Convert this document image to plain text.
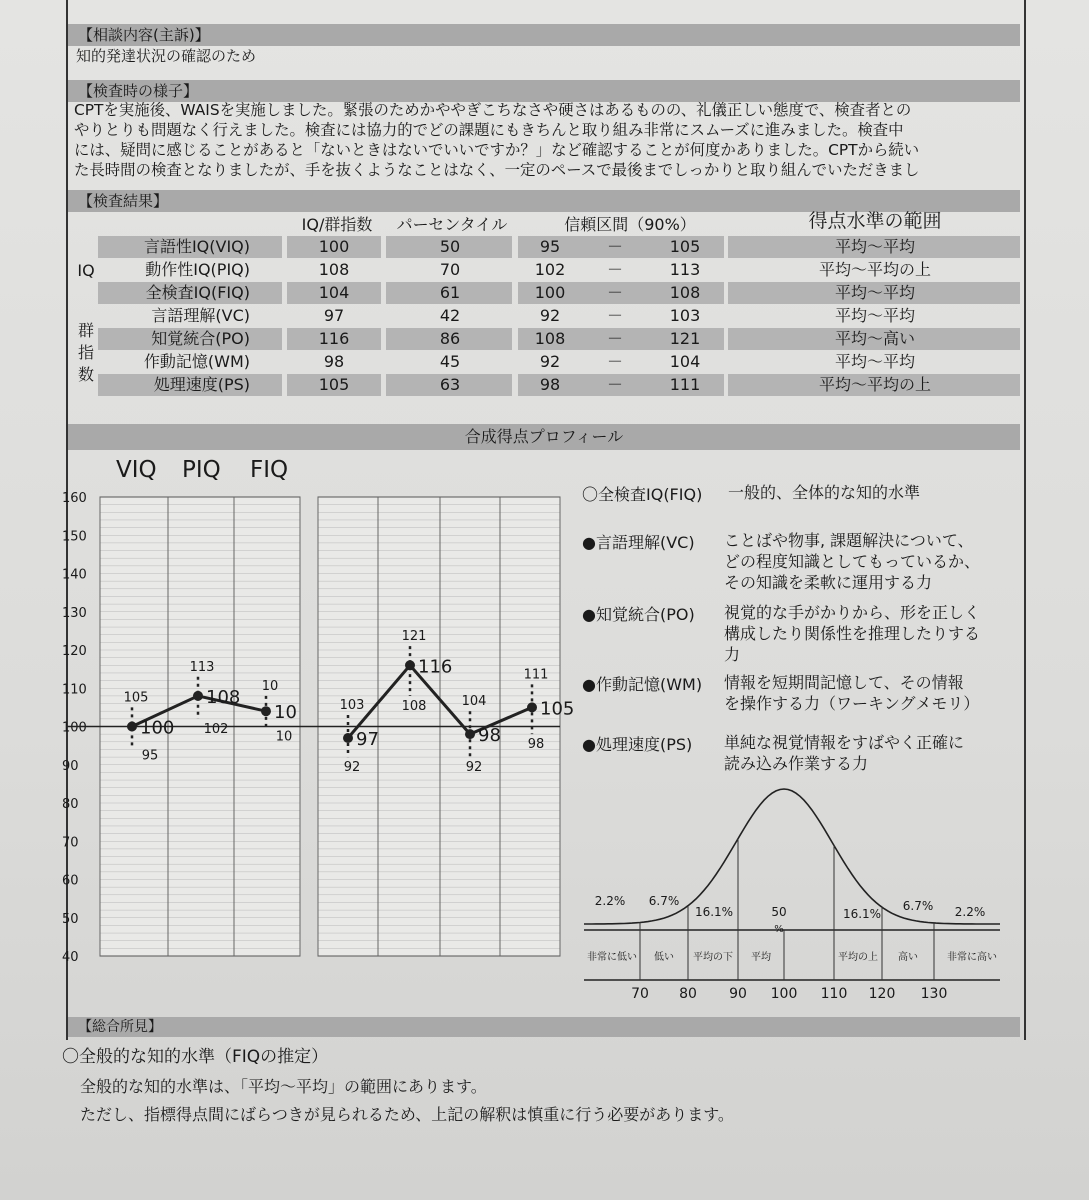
【相談内容(主訴)】
知的発達状況の確認のため
【検査時の様子】
CPTを実施後、WAISを実施しました。緊張のためかややぎこちなさや硬さはあるものの、礼儀正しい態度で、検査者との
やりとりも問題なく行えました。検査には協力的でどの課題にもきちんと取り組み非常にスムーズに進みました。検査中
には、疑問に感じることがあると「ないときはないでいいですか？」など確認することが何度かありました。CPTから続い
た長時間の検査となりましたが、手を抜くようなことはなく、一定のペースで最後までしっかりと取り組んでいただきまし
【検査結果】
IQ/群指数	パーセンタイル	信頼区間（90%）	得点水準の範囲
IQ
群
指
数
言語性IQ(VIQ)	100	50	95	－	105	平均～平均
動作性IQ(PIQ)	108	70	102	－	113	平均～平均の上
全検査IQ(FIQ)	104	61	100	－	108	平均～平均
言語理解(VC)	97	42	92	－	103	平均～平均
知覚統合(PO)	116	86	108	－	121	平均～高い
作動記憶(WM)	98	45	92	－	104	平均～平均
処理速度(PS)	105	63	98	－	111	平均～平均の上
合成得点プロフィール
VIQ PIQ FIQ
160
150
140
130
120
110
100
90
80
70
60
50
40
100
105
95
108
113
102
10
10
10	97
103
92
116
121
108
98
104
92
105
111
98
〇全検査IQ(FIQ) 一般的、全体的な知的水準
●言語理解(VC) ことばや物事, 課題解決について、
どの程度知識としてもっているか、
その知識を柔軟に運用する力
●知覚統合(PO) 視覚的な手がかりから、形を正しく
構成したり関係性を推理したりする
力
●作動記憶(WM) 情報を短期間記憶して、その情報
を操作する力（ワーキングメモリ）
●処理速度(PS) 単純な視覚情報をすばやく正確に
読み込み作業する力
2.2% 6.7%
16.1%	50	16.1%
6.7% 2.2%
%
非常に低い 低い 平均の下 平均	平均の上 高い	非常に高い
70 80 90 100 110 120 130
【総合所見】
〇全般的な知的水準（FIQの推定）
全般的な知的水準は、「平均～平均」の範囲にあります。
ただし、指標得点間にばらつきが見られるため、上記の解釈は慎重に行う必要があります。
